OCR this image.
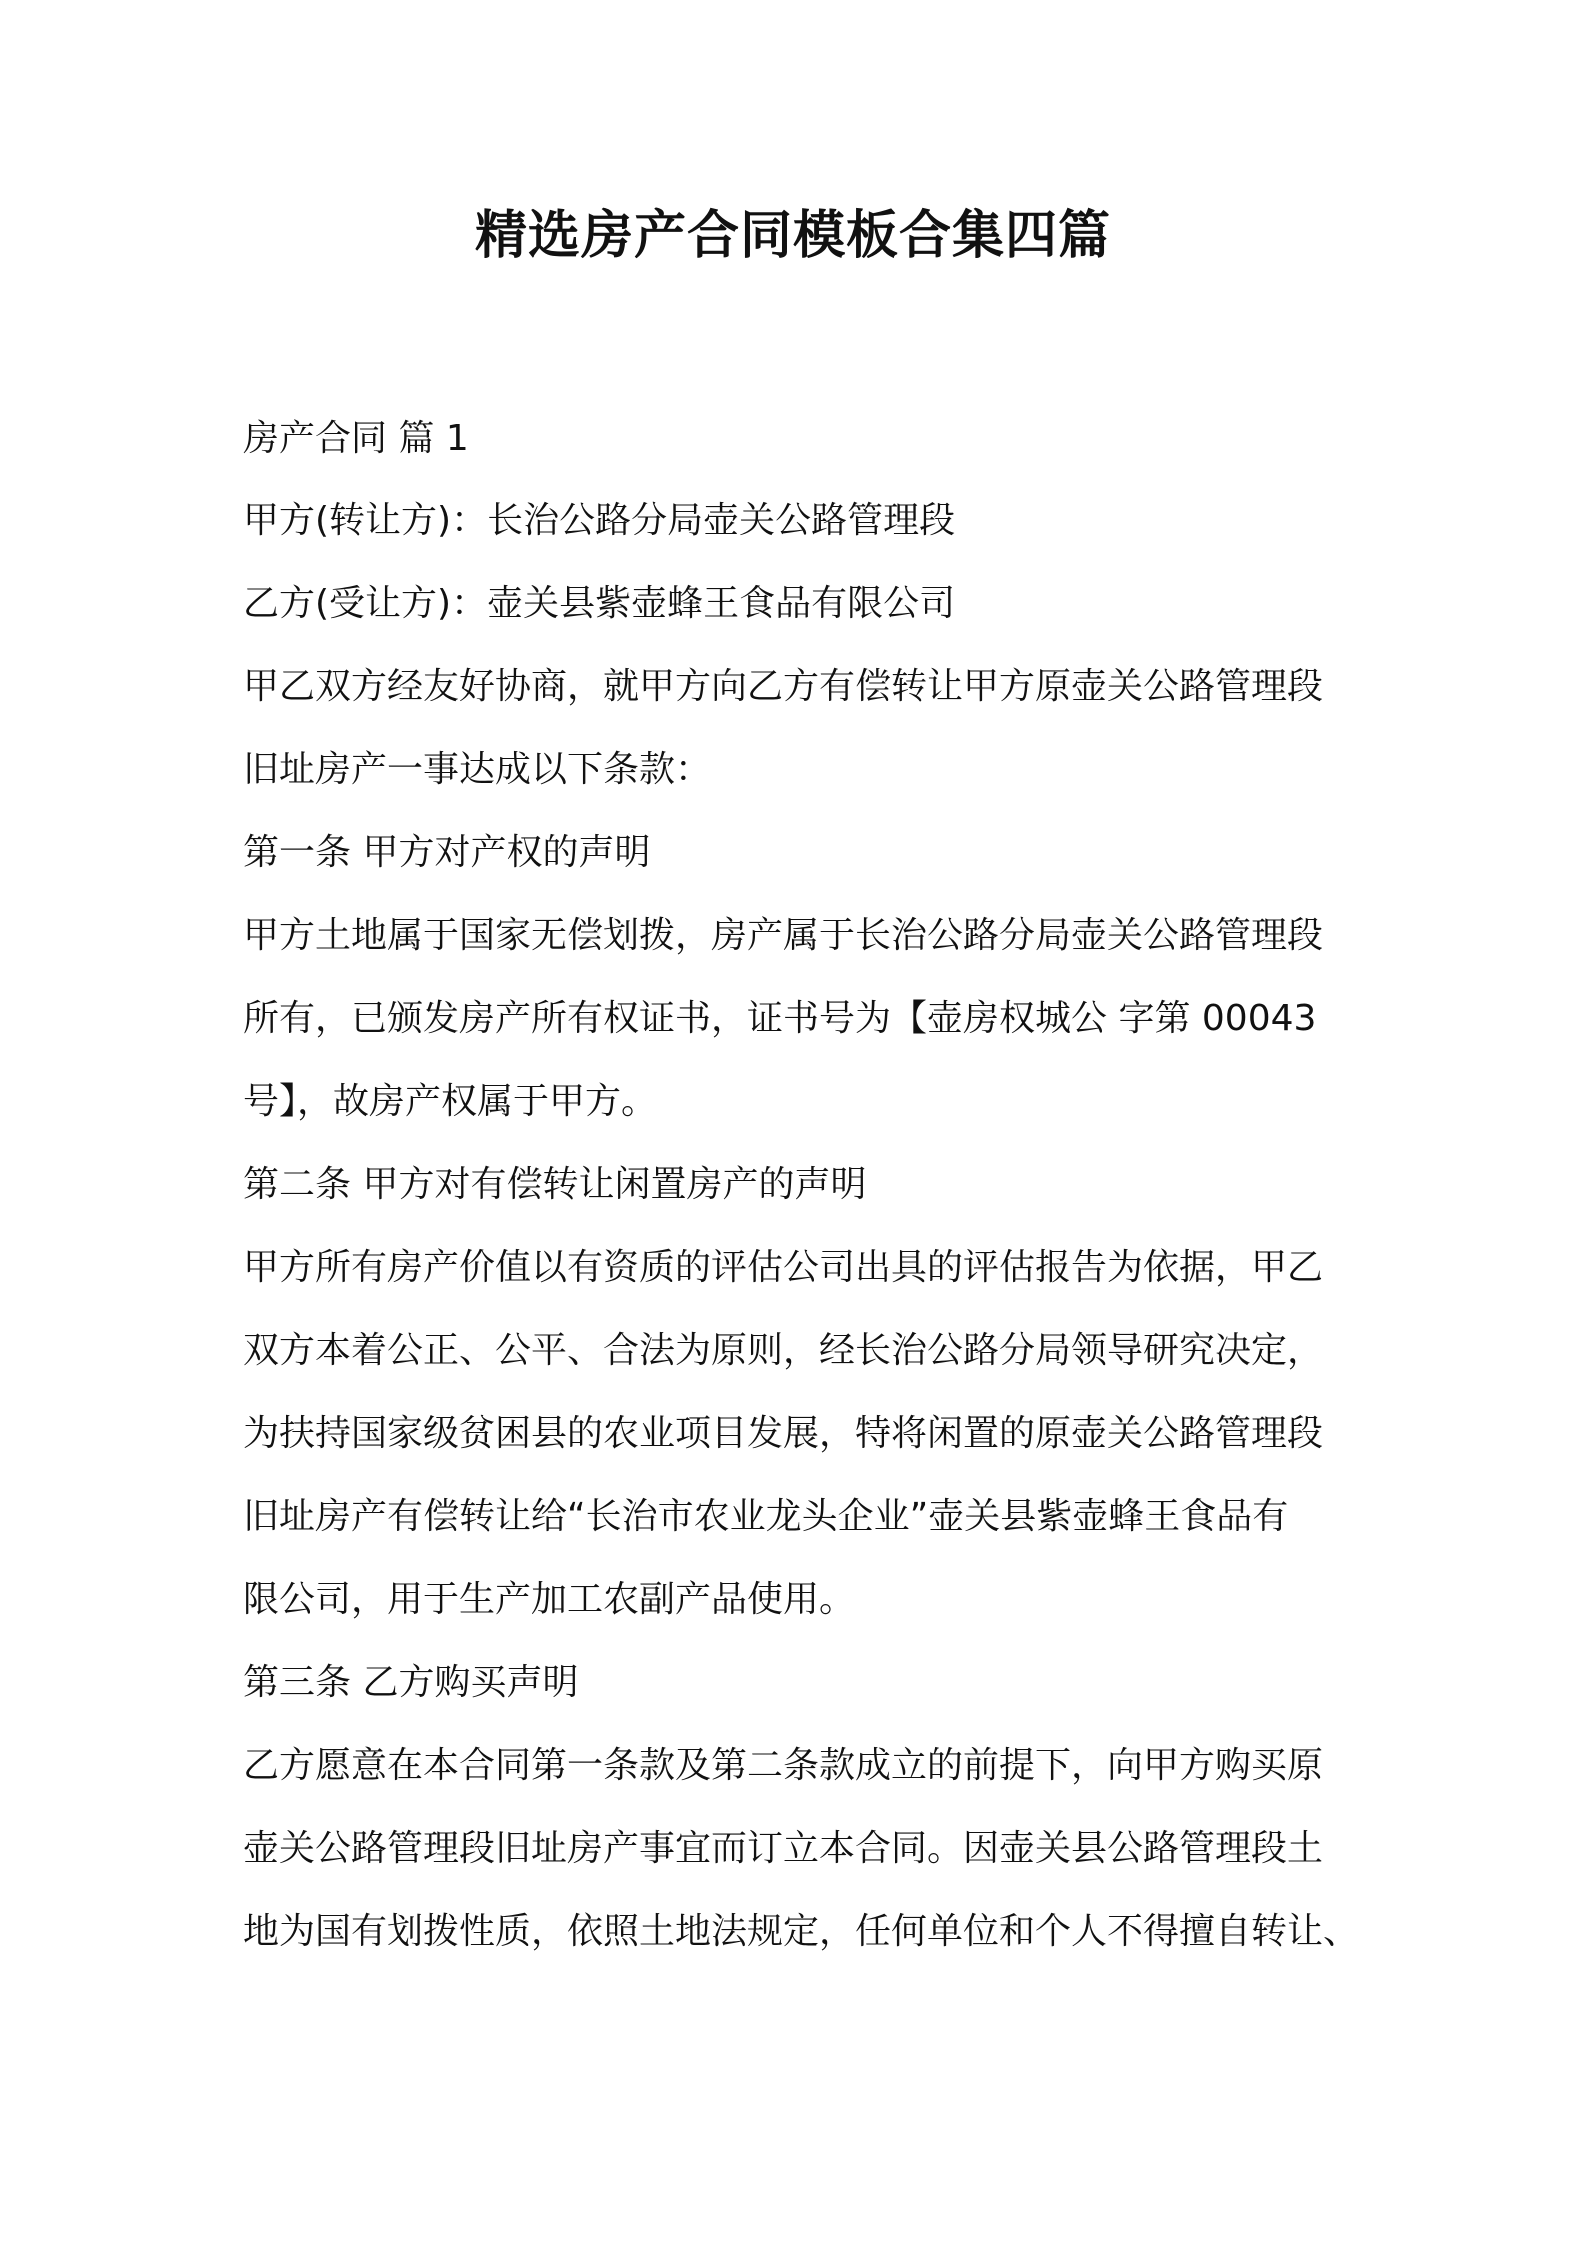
精选房产合同模板合集四篇

房产合同 篇 1

甲方(转让方)：长治公路分局壶关公路管理段

乙方(受让方)：壶关县紫壶蜂王食品有限公司

甲乙双方经友好协商，就甲方向乙方有偿转让甲方原壶关公路管理段

旧址房产一事达成以下条款：

第一条 甲方对产权的声明

甲方土地属于国家无偿划拨，房产属于长治公路分局壶关公路管理段

所有，已颁发房产所有权证书，证书号为【壶房权城公 字第 00043

号】，故房产权属于甲方。

第二条 甲方对有偿转让闲置房产的声明

甲方所有房产价值以有资质的评估公司出具的评估报告为依据，甲乙

双方本着公正、公平、合法为原则，经长治公路分局领导研究决定，

为扶持国家级贫困县的农业项目发展，特将闲置的原壶关公路管理段

旧址房产有偿转让给“长治市农业龙头企业”壶关县紫壶蜂王食品有

限公司，用于生产加工农副产品使用。

第三条 乙方购买声明

乙方愿意在本合同第一条款及第二条款成立的前提下，向甲方购买原

壶关公路管理段旧址房产事宜而订立本合同。因壶关县公路管理段土

地为国有划拨性质，依照土地法规定，任何单位和个人不得擅自转让、
